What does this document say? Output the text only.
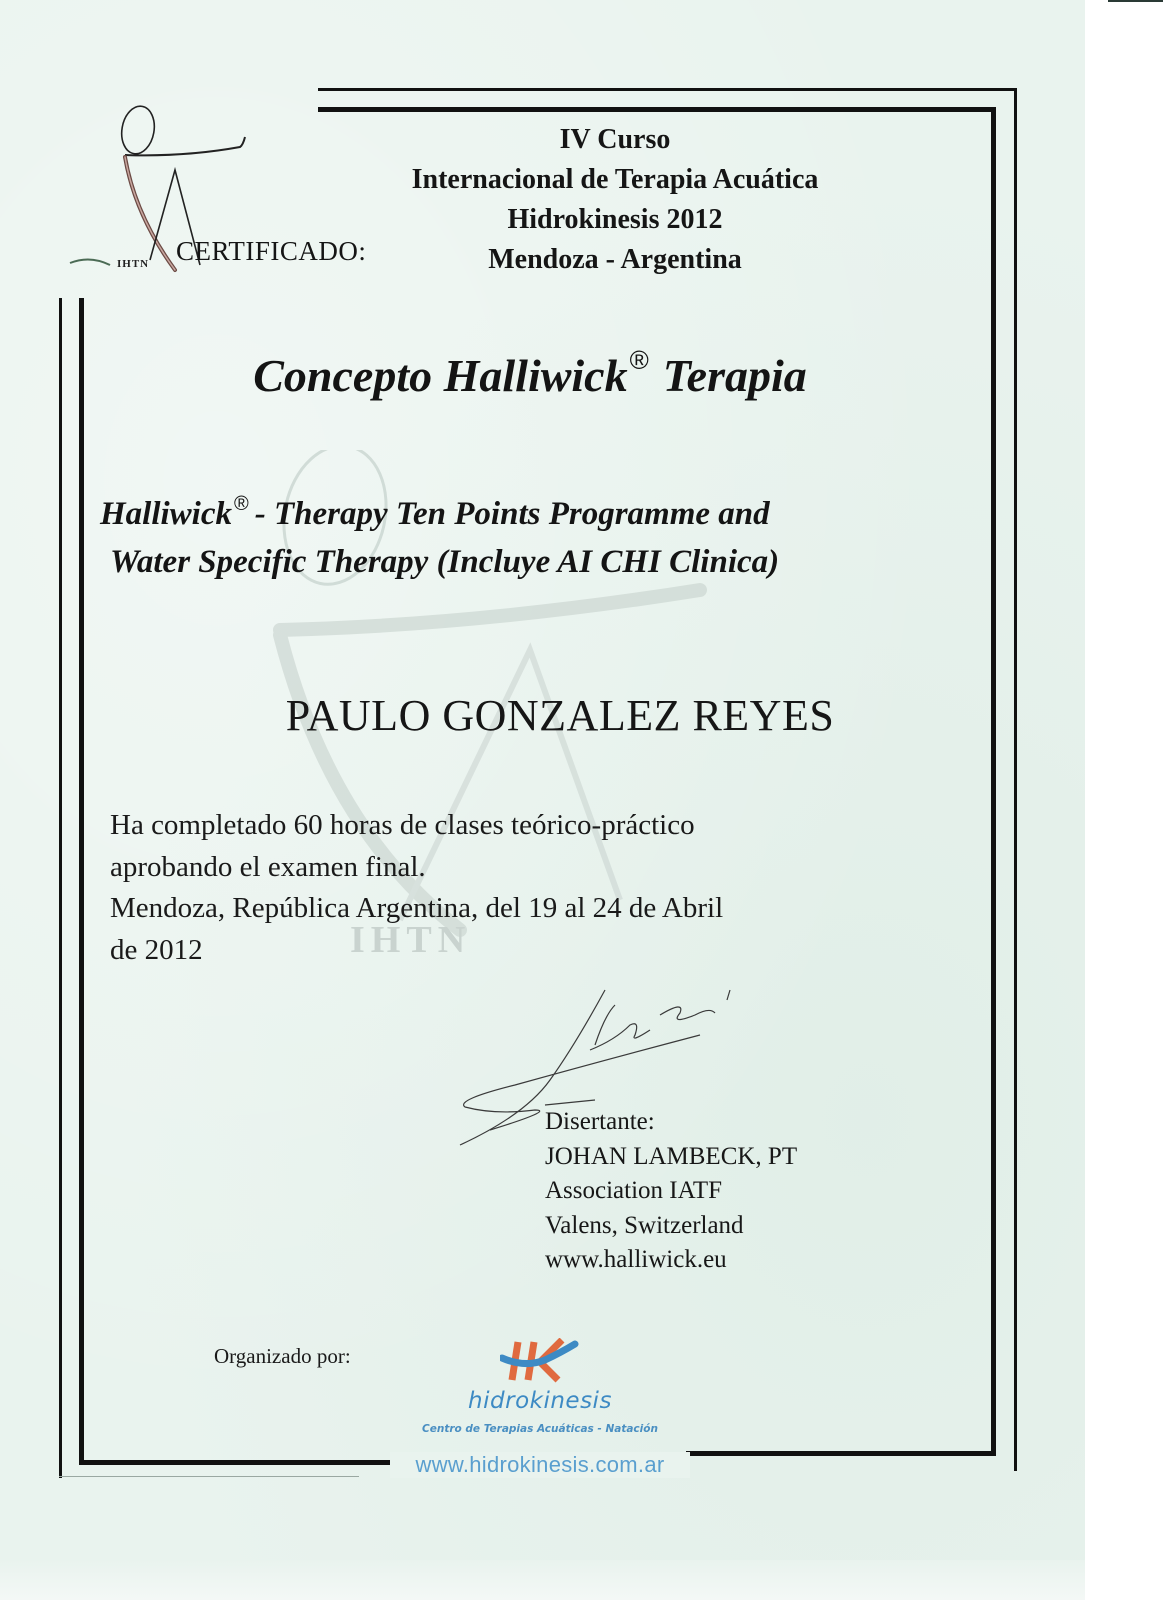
IHTN
IHTN CERTIFICADO:
IV Curso
Internacional de Terapia Acuática
Hidrokinesis 2012
Mendoza - Argentina
Concepto Halliwick® Terapia
Halliwick ® - Therapy Ten Points Programme and
Water Specific Therapy (Incluye AI CHI Clinica)
PAULO GONZALEZ REYES
Ha completado 60 horas de clases teórico-práctico
aprobando el examen final.
Mendoza, República Argentina, del 19 al 24 de Abril
de 2012
Disertante:
JOHAN LAMBECK, PT
Association IATF
Valens, Switzerland
www.halliwick.eu
Organizado por:
hidrokinesis
Centro de Terapias Acuáticas - Natación
www.hidrokinesis.com.ar
